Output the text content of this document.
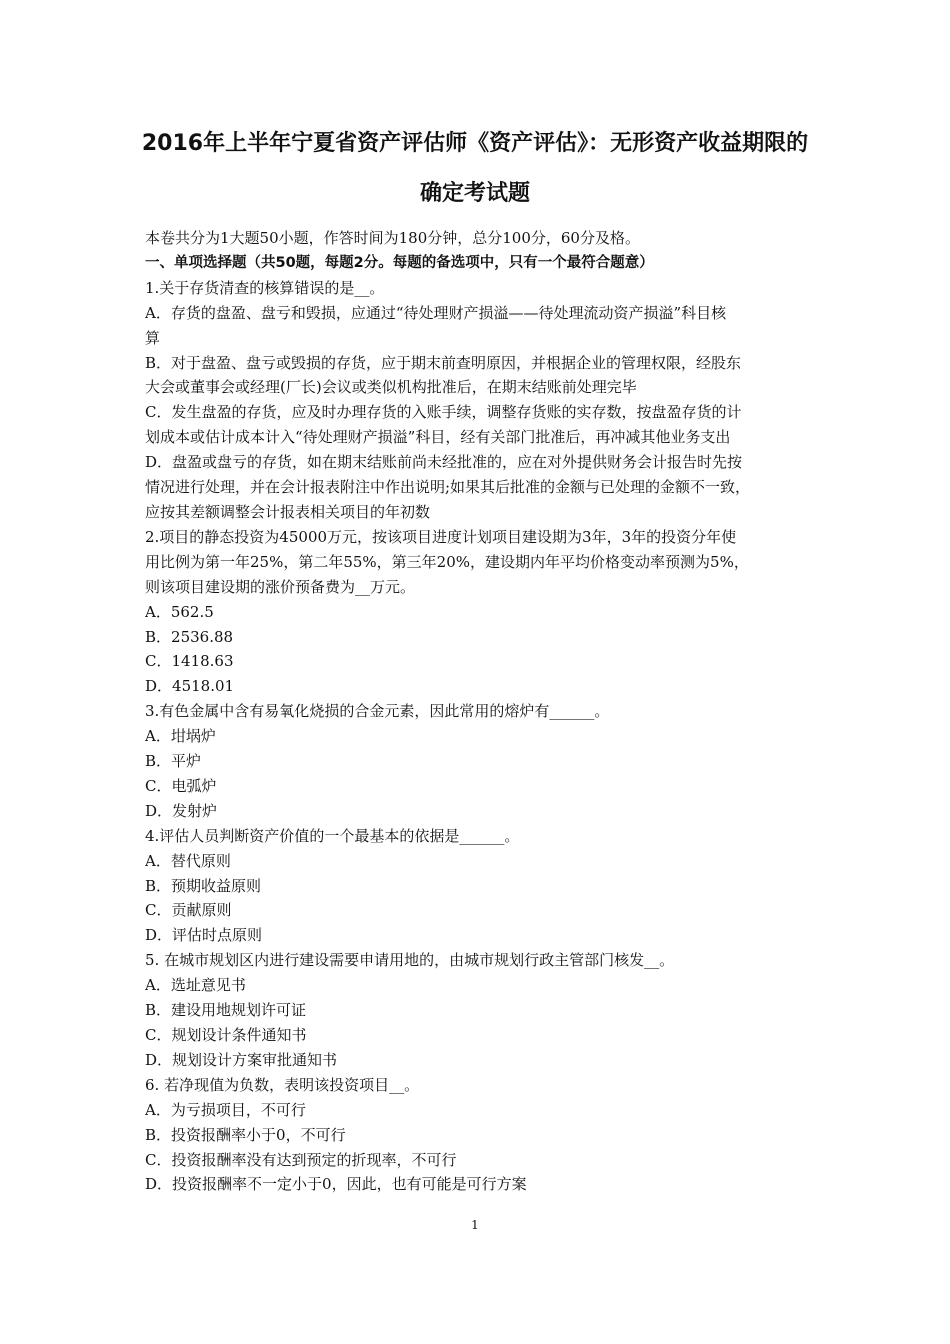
2016年上半年宁夏省资产评估师《资产评估》：无形资产收益期限的
确定考试题
本卷共分为1大题50小题，作答时间为180分钟，总分100分，60分及格。
一、单项选择题（共50题，每题2分。每题的备选项中，只有一个最符合题意）
1.关于存货清查的核算错误的是__。
A．存货的盘盈、盘亏和毁损，应通过“待处理财产损溢——待处理流动资产损溢”科目核
算
B．对于盘盈、盘亏或毁损的存货，应于期末前查明原因，并根据企业的管理权限，经股东
大会或董事会或经理(厂长)会议或类似机构批准后，在期末结账前处理完毕
C．发生盘盈的存货，应及时办理存货的入账手续，调整存货账的实存数，按盘盈存货的计
划成本或估计成本计入“待处理财产损溢”科目，经有关部门批准后，再冲减其他业务支出
D．盘盈或盘亏的存货，如在期末结账前尚未经批准的，应在对外提供财务会计报告时先按
情况进行处理，并在会计报表附注中作出说明;如果其后批准的金额与已处理的金额不一致，
应按其差额调整会计报表相关项目的年初数
2.项目的静态投资为45000万元，按该项目进度计划项目建设期为3年，3年的投资分年使
用比例为第一年25%，第二年55%，第三年20%，建设期内年平均价格变动率预测为5%，
则该项目建设期的涨价预备费为__万元。
A．562.5
B．2536.88
C．1418.63
D．4518.01
3.有色金属中含有易氧化烧损的合金元素，因此常用的熔炉有______。
A．坩埚炉
B．平炉
C．电弧炉
D．发射炉
4.评估人员判断资产价值的一个最基本的依据是______。
A．替代原则
B．预期收益原则
C．贡献原则
D．评估时点原则
5. 在城市规划区内进行建设需要申请用地的，由城市规划行政主管部门核发__。
A．选址意见书
B．建设用地规划许可证
C．规划设计条件通知书
D．规划设计方案审批通知书
6. 若净现值为负数，表明该投资项目__。
A．为亏损项目，不可行
B．投资报酬率小于0，不可行
C．投资报酬率没有达到预定的折现率，不可行
D．投资报酬率不一定小于0，因此，也有可能是可行方案
1
